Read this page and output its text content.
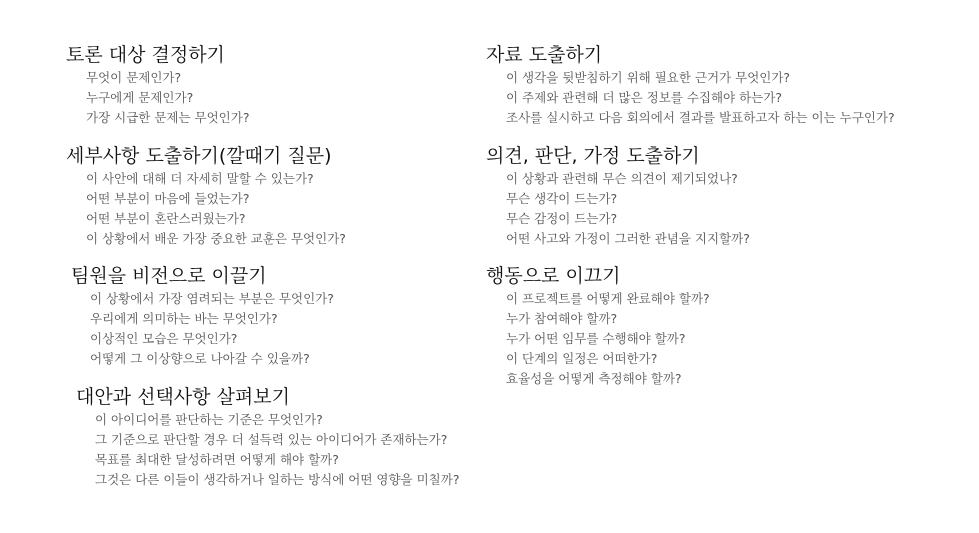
토론 대상 결정하기
무엇이 문제인가?
누구에게 문제인가?
가장 시급한 문제는 무엇인가?
세부사항 도출하기(깔때기 질문)
이 사안에 대해 더 자세히 말할 수 있는가?
어떤 부분이 마음에 들었는가?
어떤 부분이 혼란스러웠는가?
이 상황에서 배운 가장 중요한 교훈은 무엇인가?
팀원을 비전으로 이끌기
이 상황에서 가장 염려되는 부분은 무엇인가?
우리에게 의미하는 바는 무엇인가?
이상적인 모습은 무엇인가?
어떻게 그 이상향으로 나아갈 수 있을까?
대안과 선택사항 살펴보기
이 아이디어를 판단하는 기준은 무엇인가?
그 기준으로 판단할 경우 더 설득력 있는 아이디어가 존재하는가?
목표를 최대한 달성하려면 어떻게 해야 할까?
그것은 다른 이들이 생각하거나 일하는 방식에 어떤 영향을 미칠까?
자료 도출하기
이 생각을 뒷받침하기 위해 필요한 근거가 무엇인가?
이 주제와 관련해 더 많은 정보를 수집해야 하는가?
조사를 실시하고 다음 회의에서 결과를 발표하고자 하는 이는 누구인가?
의견, 판단, 가정 도출하기
이 상황과 관련해 무슨 의견이 제기되었나?
무슨 생각이 드는가?
무슨 감정이 드는가?
어떤 사고와 가정이 그러한 관념을 지지할까?
행동으로 이끄기
이 프로젝트를 어떻게 완료해야 할까?
누가 참여해야 할까?
누가 어떤 임무를 수행해야 할까?
이 단계의 일정은 어떠한가?
효율성을 어떻게 측정해야 할까?
